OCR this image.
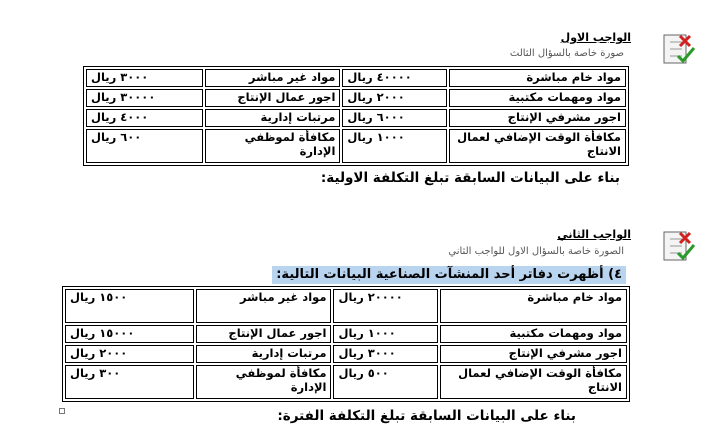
الواجب الاول
صورة خاصة بالسؤال الثالث
مواد خام مباشرة	٤٠٠٠٠ ريال	مواد غير مباشر	٣٠٠٠ ريال
مواد ومهمات مكتبية	٢٠٠٠ ريال	اجور عمال الإنتاج	٣٠٠٠٠ ريال
اجور مشرفي الإنتاج	٦٠٠٠ ريال	مرتبات إدارية	٤٠٠٠ ريال
مكافأة الوقت الإضافي لعمال الانتاج	١٠٠٠ ريال	مكافأة لموظفي الإدارة	٦٠٠ ريال
بناء على البيانات السابقة تبلغ التكلفة الاولية:
الواجب الثاني
الصورة خاصة بالسؤال الاول للواجب الثاني
٤) أظهرت دفاتر أحد المنشآت الصناعية البيانات التالية:
مواد خام مباشرة	٢٠٠٠٠ ريال	مواد غير مباشر	١٥٠٠ ريال
مواد ومهمات مكتبية	١٠٠٠ ريال	اجور عمال الإنتاج	١٥٠٠٠ ريال
اجور مشرفي الإنتاج	٣٠٠٠ ريال	مرتبات إدارية	٢٠٠٠ ريال
مكافأة الوقت الإضافي لعمال الانتاج	٥٠٠ ريال	مكافأة لموظفي الإدارة	٣٠٠ ريال
بناء على البيانات السابقة تبلغ التكلفة الفترة:
